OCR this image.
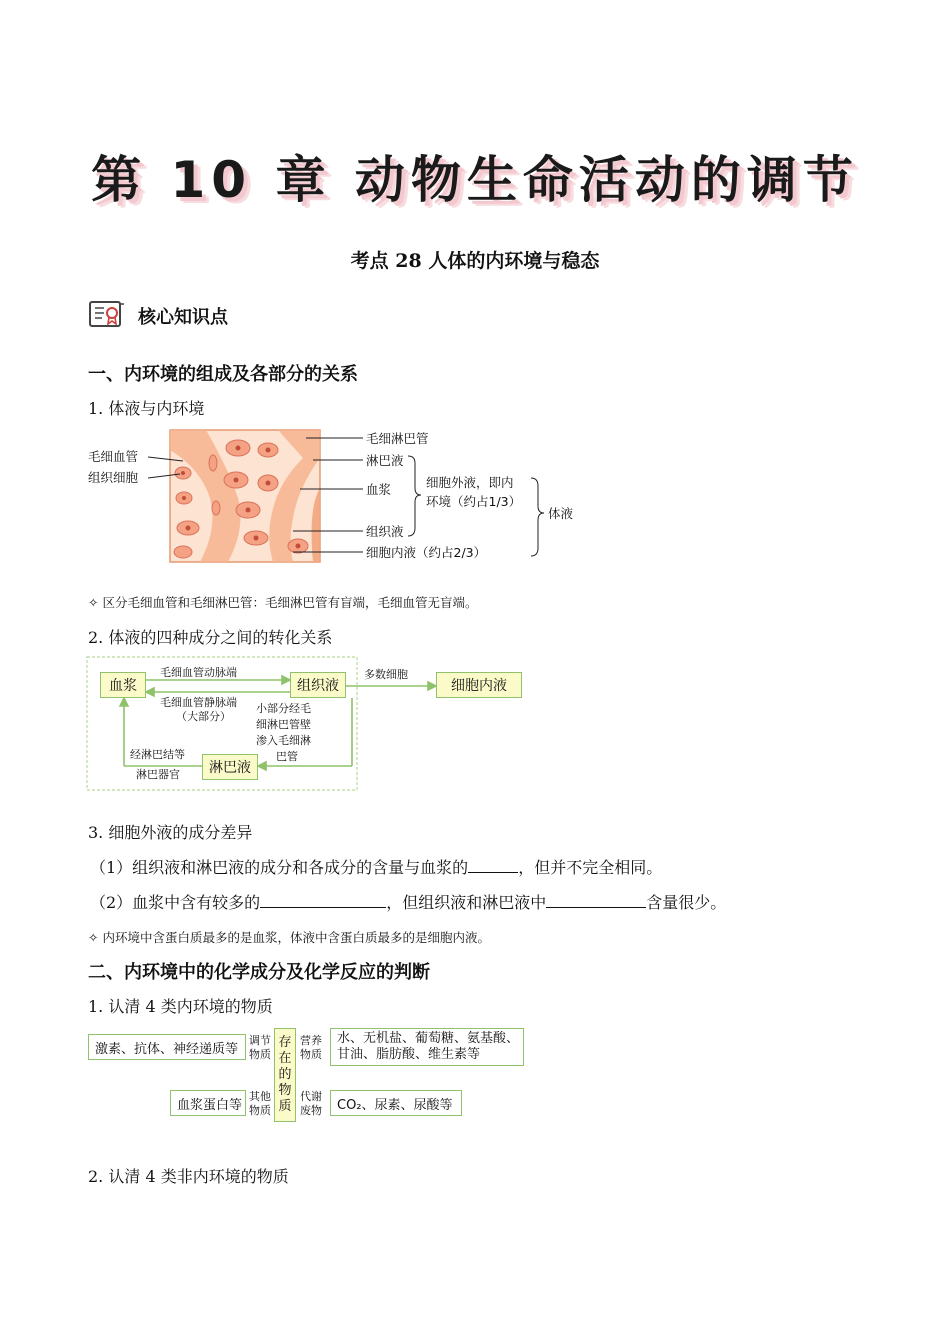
第 10 章 动物生命活动的调节
考点 28 人体的内环境与稳态
核心知识点
一、内环境的组成及各部分的关系
1. 体液与内环境
毛细血管
组织细胞
毛细淋巴管
淋巴液
血浆
组织液
细胞内液（约占2/3）
细胞外液，即内
环境（约占1/3）
体液
✧ 区分毛细血管和毛细淋巴管：毛细淋巴管有盲端，毛细血管无盲端。
2. 体液的四种成分之间的转化关系
血浆	组织液	细胞内液
淋巴液
毛细血管动脉端
毛细血管静脉端
（大部分）
多数细胞
小部分经毛
细淋巴管壁
渗入毛细淋
巴管
经淋巴结等
淋巴器官
3. 细胞外液的成分差异
（1）组织液和淋巴液的成分和各成分的含量与血浆的	，但并不完全相同。
（2）血浆中含有较多的	，但组织液和淋巴液中	含量很少。
✧ 内环境中含蛋白质最多的是血浆，体液中含蛋白质最多的是细胞内液。
二、内环境中的化学成分及化学反应的判断
1. 认清 4 类内环境的物质
激素、抗体、神经递质等
调节
物质
存
在
的
物
质
营养
物质
水、无机盐、葡萄糖、氨基酸、
甘油、脂肪酸、维生素等
血浆蛋白等
其他
物质
代谢
废物	CO₂、尿素、尿酸等
2. 认清 4 类非内环境的物质
